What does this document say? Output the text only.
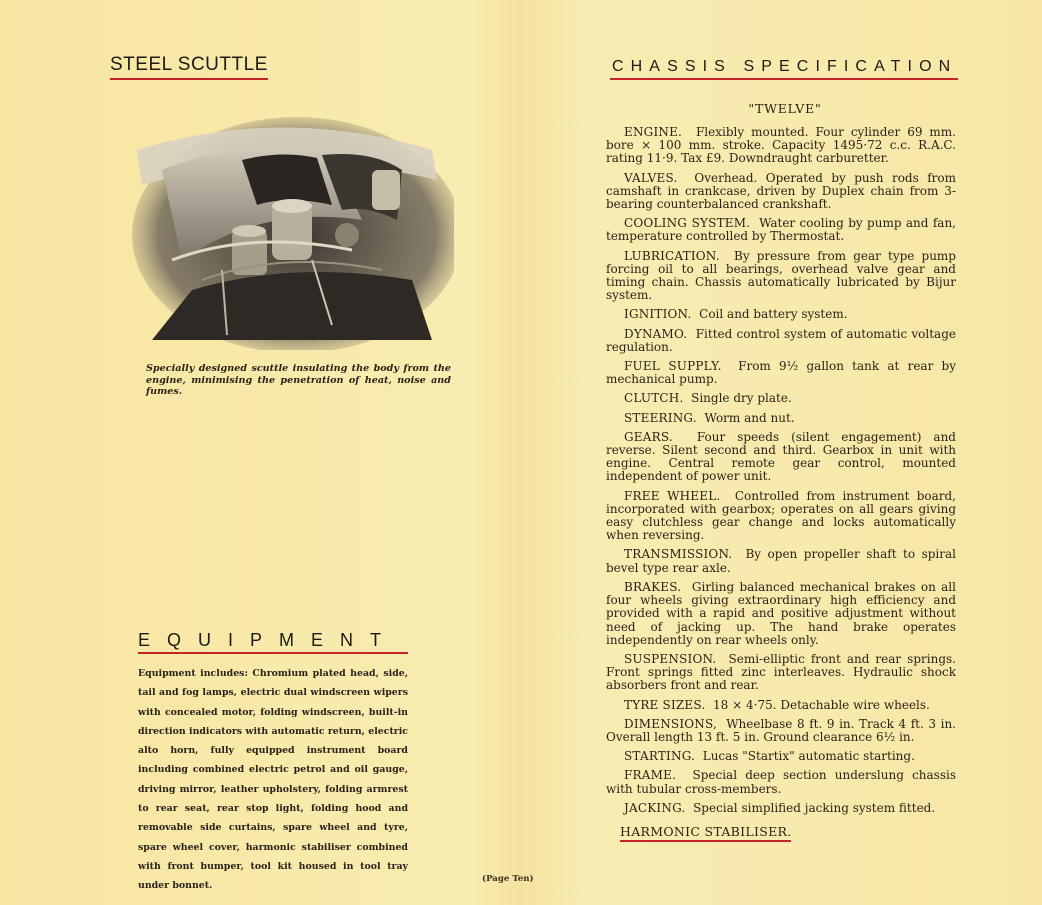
STEEL SCUTTLE
Specially designed scuttle insulating the body from the engine, minimising the penetration of heat, noise and fumes.
EQUIPMENT
Equipment includes: Chromium plated head, side, tail and fog lamps, electric dual windscreen wipers with concealed motor, folding windscreen, built-in direction indicators with automatic return, electric alto horn, fully equipped instrument board including combined electric petrol and oil gauge, driving mirror, leather upholstery, folding armrest to rear seat, rear stop light, folding hood and removable side curtains, spare wheel and tyre, spare wheel cover, harmonic stabiliser combined with front bumper, tool kit housed in tool tray under bonnet.
CHASSIS SPECIFICATION
"TWELVE"

ENGINE. Flexibly mounted. Four cylinder 69 mm. bore × 100 mm. stroke. Capacity 1495·72 c.c. R.A.C. rating 11·9. Tax £9. Downdraught carburetter.

VALVES. Overhead. Operated by push rods from camshaft in crankcase, driven by Duplex chain from 3-bearing counterbalanced crankshaft.

COOLING SYSTEM. Water cooling by pump and fan, temperature controlled by Thermostat.

LUBRICATION. By pressure from gear type pump forcing oil to all bearings, overhead valve gear and timing chain. Chassis automatically lubricated by Bijur system.

IGNITION. Coil and battery system.

DYNAMO. Fitted control system of automatic voltage regulation.

FUEL SUPPLY. From 9½ gallon tank at rear by mechanical pump.

CLUTCH. Single dry plate.

STEERING. Worm and nut.

GEARS. Four speeds (silent engagement) and reverse. Silent second and third. Gearbox in unit with engine. Central remote gear control, mounted independent of power unit.

FREE WHEEL. Controlled from instrument board, incorporated with gearbox; operates on all gears giving easy clutchless gear change and locks automatically when reversing.

TRANSMISSION. By open propeller shaft to spiral bevel type rear axle.

BRAKES. Girling balanced mechanical brakes on all four wheels giving extraordinary high efficiency and provided with a rapid and positive adjustment without need of jacking up. The hand brake operates independently on rear wheels only.

SUSPENSION. Semi-elliptic front and rear springs. Front springs fitted zinc interleaves. Hydraulic shock absorbers front and rear.

TYRE SIZES. 18 × 4·75. Detachable wire wheels.

DIMENSIONS, Wheelbase 8 ft. 9 in. Track 4 ft. 3 in. Overall length 13 ft. 5 in. Ground clearance 6½ in.

STARTING. Lucas "Startix" automatic starting.

FRAME. Special deep section underslung chassis with tubular cross-members.

JACKING. Special simplified jacking system fitted.

HARMONIC STABILISER.
(Page Ten)
